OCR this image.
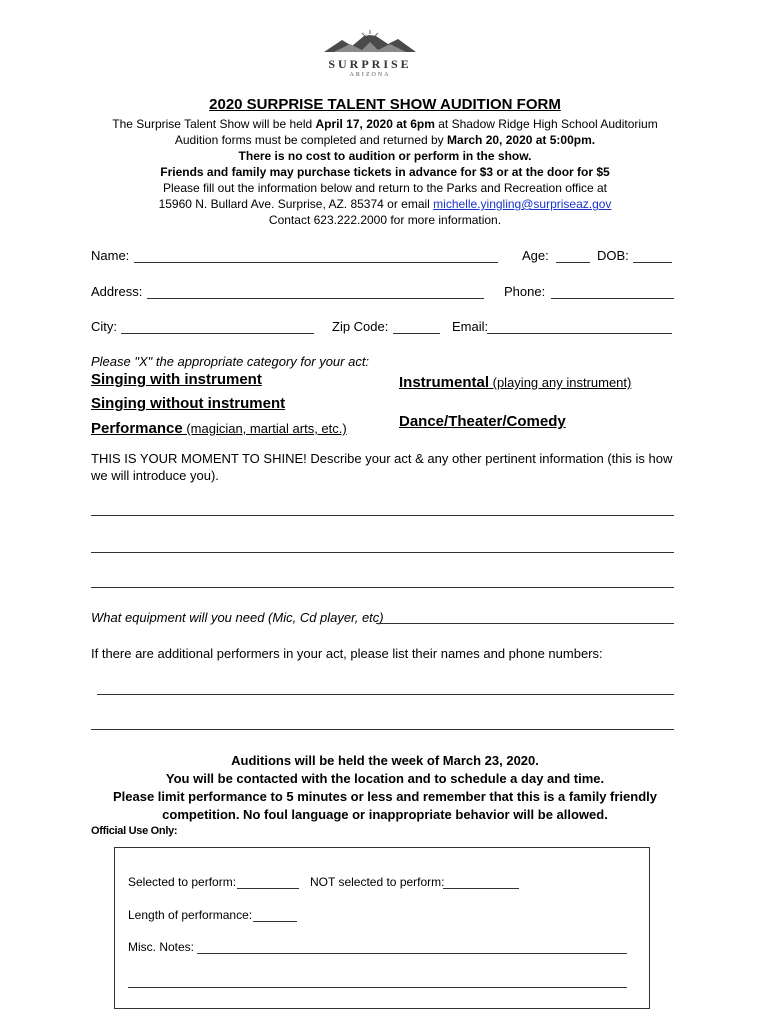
SURPRISE
ARIZONA
2020 SURPRISE TALENT SHOW AUDITION FORM
The Surprise Talent Show will be held April 17, 2020 at 6pm at Shadow Ridge High School Auditorium
Audition forms must be completed and returned by March 20, 2020 at 5:00pm.
There is no cost to audition or perform in the show.
Friends and family may purchase tickets in advance for $3 or at the door for $5
Please fill out the information below and return to the Parks and Recreation office at
15960 N. Bullard Ave. Surprise, AZ. 85374 or email michelle.yingling@surpriseaz.gov
Contact 623.222.2000 for more information.
Name:	Age:	DOB:
Address:	Phone:
City:	Zip Code:	Email:
Please "X" the appropriate category for your act:
Singing with instrument
Singing without instrument
Performance (magician, martial arts, etc.)
Instrumental (playing any instrument)
Dance/Theater/Comedy
THIS IS YOUR MOMENT TO SHINE! Describe your act & any other pertinent information (this is how we will introduce you).
What equipment will you need (Mic, Cd player, etc)
If there are additional performers in your act, please list their names and phone numbers:
Auditions will be held the week of March 23, 2020.
You will be contacted with the location and to schedule a day and time.
Please limit performance to 5 minutes or less and remember that this is a family friendly
competition. No foul language or inappropriate behavior will be allowed.
Official Use Only:
Selected to perform:	NOT selected to perform:
Length of performance:
Misc. Notes:
